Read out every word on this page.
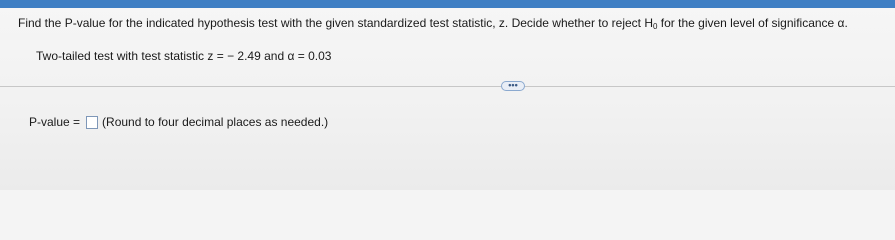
Find the P-value for the indicated hypothesis test with the given standardized test statistic, z. Decide whether to reject $H_0$ for the given level of significance α.
Two-tailed test with test statistic z = − 2.49 and α = 0.03
•••
P-value = (Round to four decimal places as needed.)
